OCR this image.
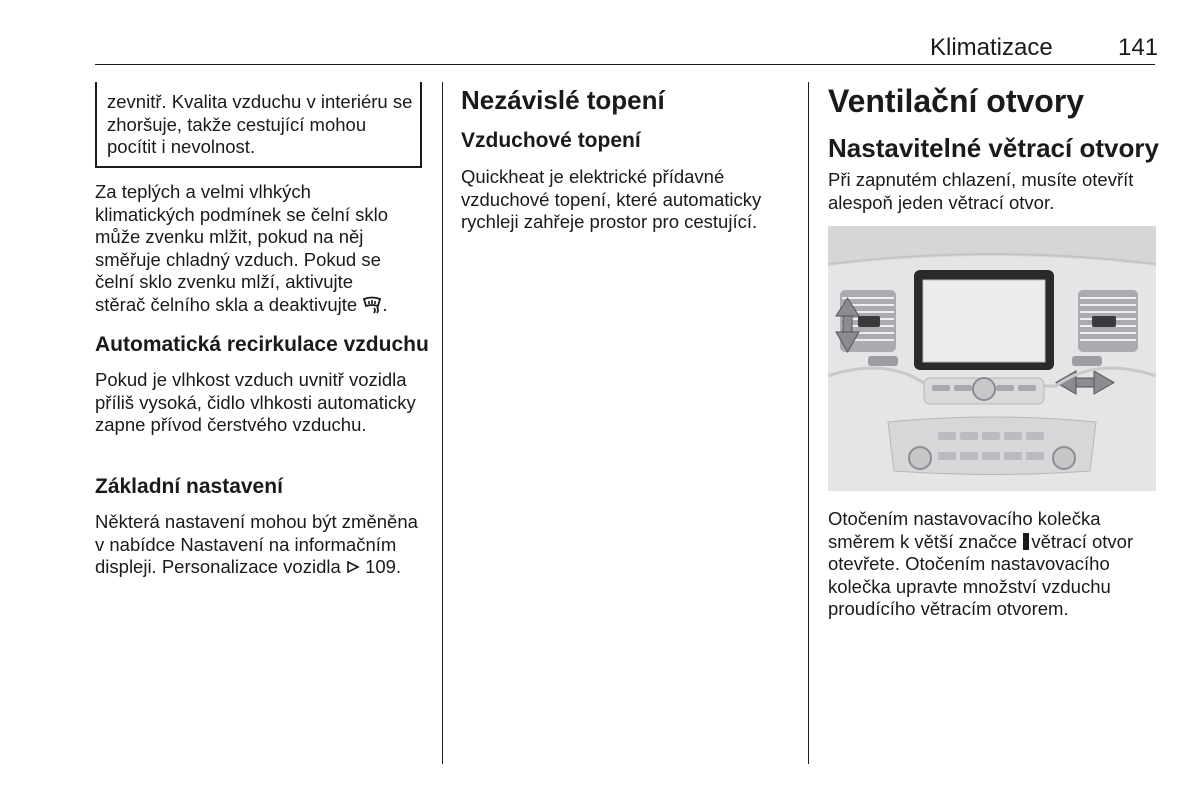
Klimatizace	141

zevnitř. Kvalita vzduchu v interiéru se zhoršuje, takže cestující mohou pocítit i nevolnost.

Za teplých a velmi vlhkých

klimatických podmínek se čelní sklo

může zvenku mlžit, pokud na něj

směřuje chladný vzduch. Pokud se

čelní sklo zvenku mlží, aktivujte

stěrač čelního skla a deaktivujte .

Automatická recirkulace vzduchu

Pokud je vlhkost vzduch uvnitř vozidla příliš vysoká, čidlo vlhkosti automaticky zapne přívod čerstvého vzduchu.

Základní nastavení

Některá nastavení mohou být změněna v nabídce Nastavení na informačním displeji. Personalizace vozidla 109.

Nezávislé topení
Vzduchové topení

Quickheat je elektrické přídavné vzduchové topení, které automaticky rychleji zahřeje prostor pro cestující.

Ventilační otvory
Nastavitelné větrací otvory

Při zapnutém chlazení, musíte otevřít alespoň jeden větrací otvor.

Otočením nastavovacího kolečka směrem k větší značce větrací otvor otevřete. Otočením nastavovacího kolečka upravte množství vzduchu proudícího větracím otvorem.
